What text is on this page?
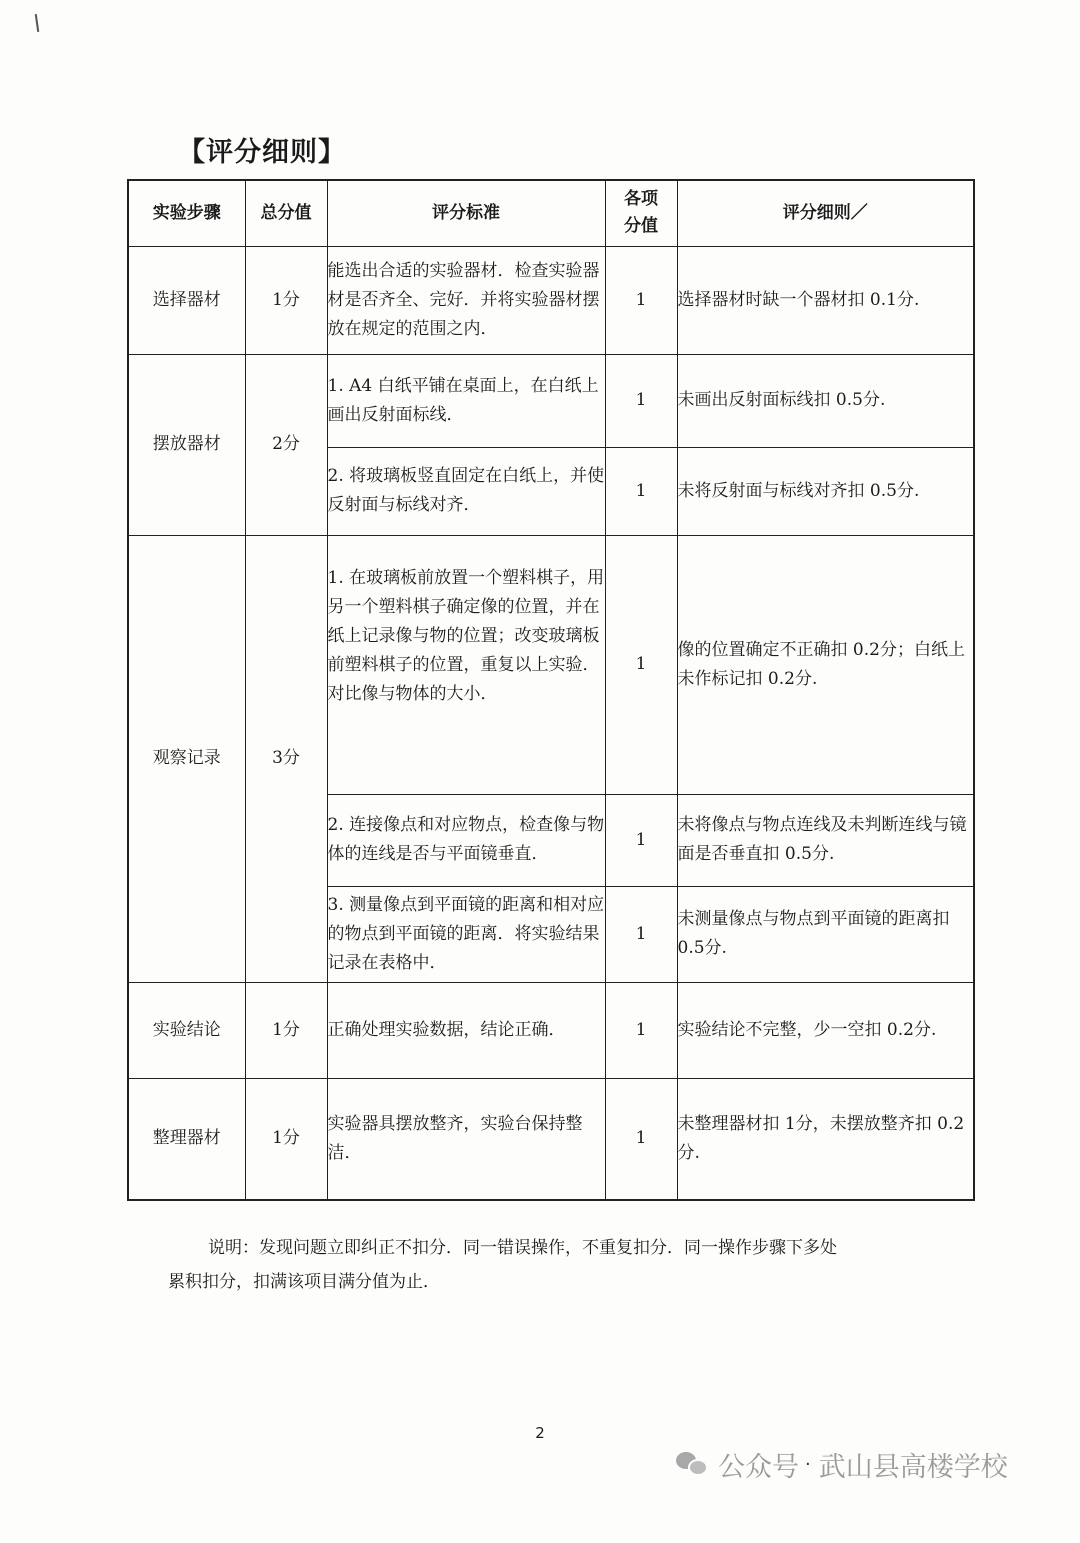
【评分细则】
实验步骤	总分值	评分标准	各项分值	评分细则／
选择器材	1分	能选出合适的实验器材．检查实验器材是否齐全、完好．并将实验器材摆放在规定的范围之内．	1	选择器材时缺一个器材扣 0.1分.
摆放器材	2分	1. A4 白纸平铺在桌面上，在白纸上画出反射面标线．	1	未画出反射面标线扣 0.5分.
		2. 将玻璃板竖直固定在白纸上，并使反射面与标线对齐．	1	未将反射面与标线对齐扣 0.5分.
观察记录	3分	1. 在玻璃板前放置一个塑料棋子，用另一个塑料棋子确定像的位置，并在纸上记录像与物的位置；改变玻璃板前塑料棋子的位置，重复以上实验．对比像与物体的大小．	1	像的位置确定不正确扣 0.2分；白纸上未作标记扣 0.2分.
		2. 连接像点和对应物点，检查像与物体的连线是否与平面镜垂直．	1	未将像点与物点连线及未判断连线与镜面是否垂直扣 0.5分.
		3. 测量像点到平面镜的距离和相对应的物点到平面镜的距离．将实验结果记录在表格中．	1	未测量像点与物点到平面镜的距离扣 0.5分.
实验结论	1分	正确处理实验数据，结论正确．	1	实验结论不完整，少一空扣 0.2分.
整理器材	1分	实验器具摆放整齐，实验台保持整洁．	1	未整理器材扣 1分，未摆放整齐扣 0.2分.
说明：发现问题立即纠正不扣分．同一错误操作，不重复扣分．同一操作步骤下多处
累积扣分，扣满该项目满分值为止．
2
公众号 · 武山县高楼学校
